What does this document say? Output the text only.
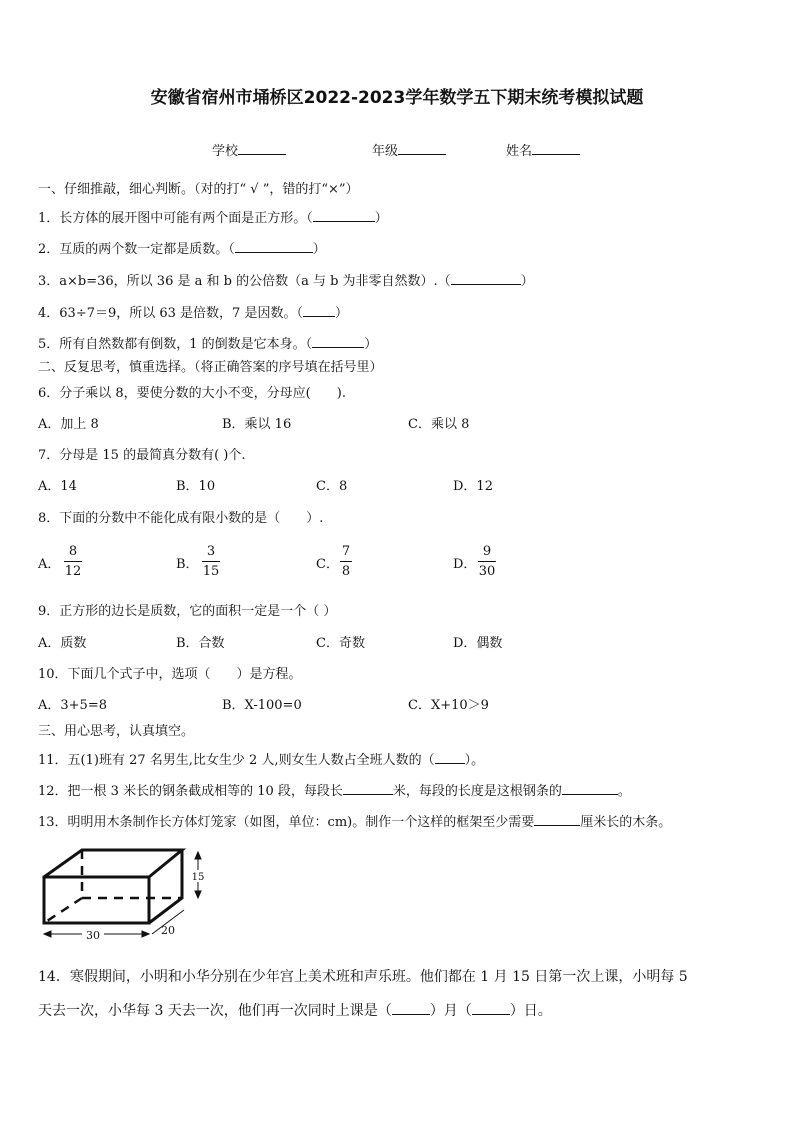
安徽省宿州市埇桥区2022-2023学年数学五下期末统考模拟试题
学校	年级	姓名
一、仔细推敲，细心判断。（对的打“ √ ”，错的打“×”）
1．长方体的展开图中可能有两个面是正方形。（	）
2．互质的两个数一定都是质数。（	）
3．a×b=36，所以 36 是 a 和 b 的公倍数（a 与 b 为非零自然数）.（	）
4．63÷7＝9，所以 63 是倍数，7 是因数。（ ）
5．所有自然数都有倒数，1 的倒数是它本身。（	）
二、反复思考，慎重选择。（将正确答案的序号填在括号里）
6．分子乘以 8，要使分数的大小不变，分母应(　　).
A．加上 8	B．乘以 16	C．乘以 8
7．分母是 15 的最简真分数有( )个.
A．14	B．10	C．8	D．12
8．下面的分数中不能化成有限小数的是（　　）.
A．
8
12	B．
3
15	C．
7
8	D．
9
30
9．正方形的边长是质数，它的面积一定是一个（ ）
A．质数	B．合数	C．奇数	D．偶数
10．下面几个式子中，选项（　　）是方程。
A．3+5=8	B．X-100=0	C．X+10＞9
三、用心思考，认真填空。
11．五(1)班有 27 名男生,比女生少 2 人,则女生人数占全班人数的（ ）。
12．把一根 3 米长的钢条截成相等的 10 段，每段长	米，每段的长度是这根钢条的	。
13．明明用木条制作长方体灯笼家（如图，单位：cm)。制作一个这样的框架至少需要	厘米长的木条。
30	20
15
14．寒假期间，小明和小华分别在少年宫上美术班和声乐班。他们都在 1 月 15 日第一次上课，小明每 5
天去一次，小华每 3 天去一次，他们再一次同时上课是（	）月（	）日。
